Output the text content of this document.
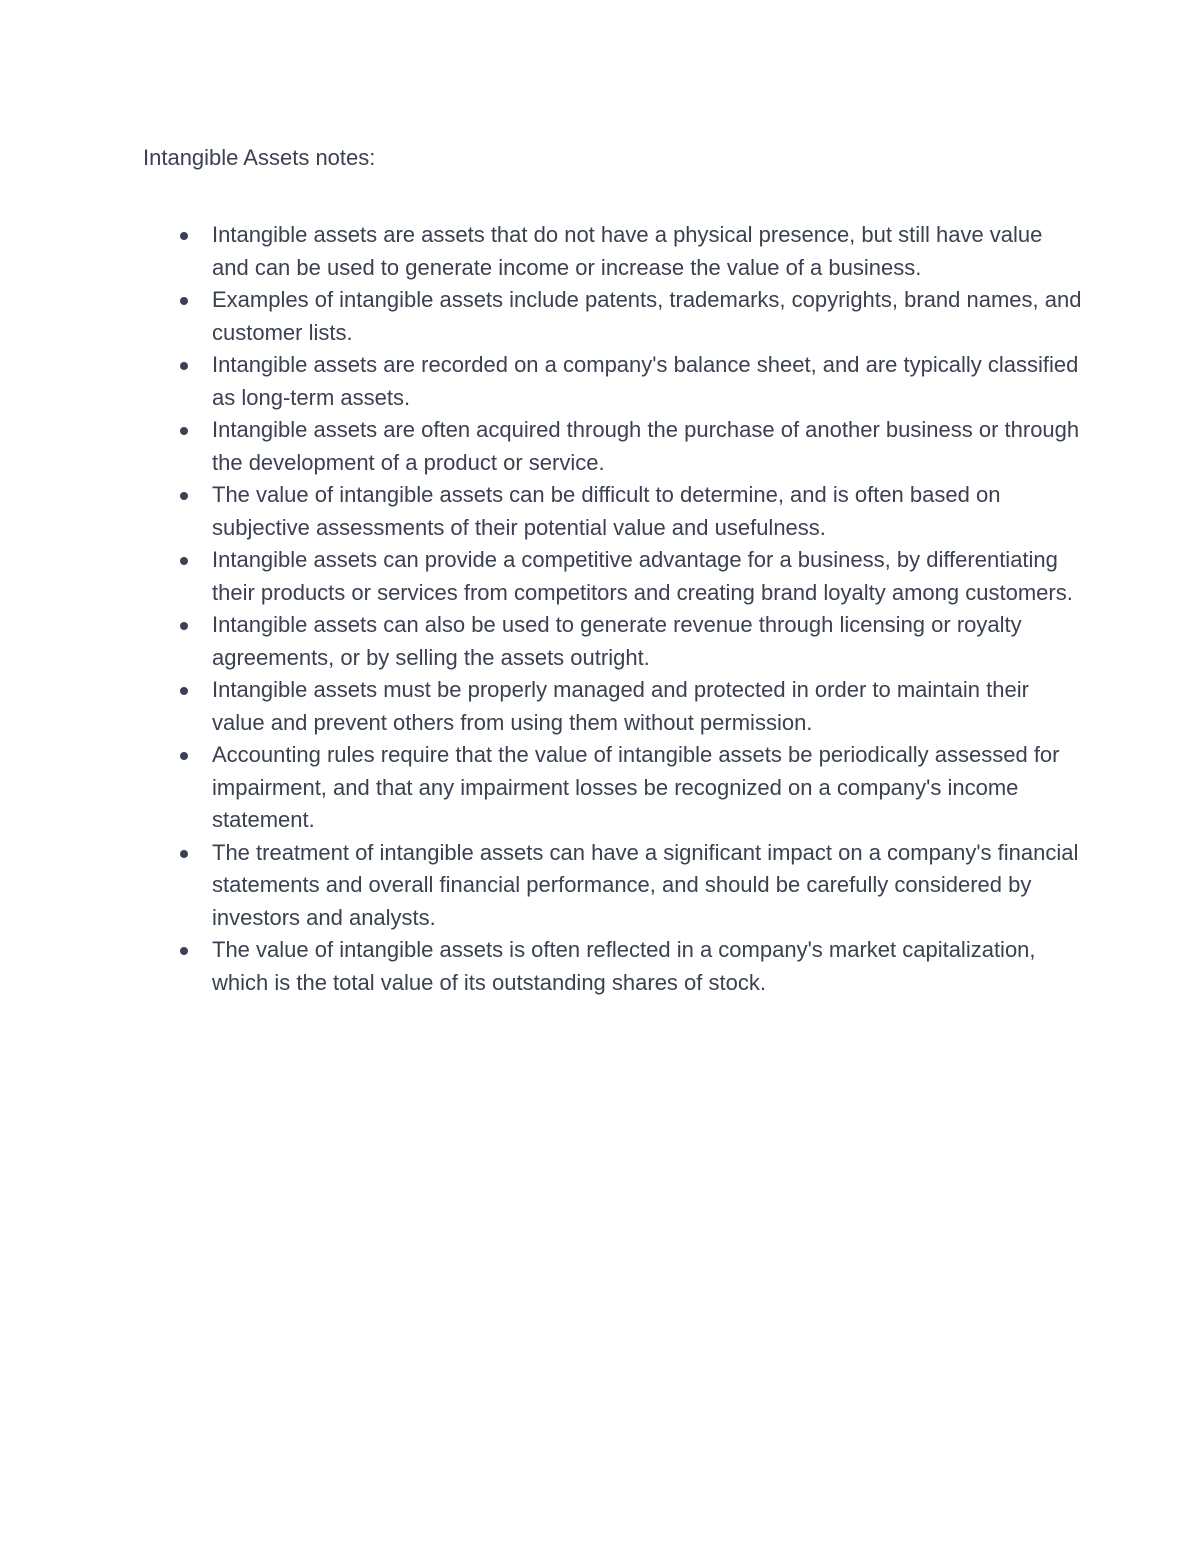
Intangible Assets notes:
Intangible assets are assets that do not have a physical presence, but still have value and can be used to generate income or increase the value of a business.
Examples of intangible assets include patents, trademarks, copyrights, brand names, and customer lists.
Intangible assets are recorded on a company's balance sheet, and are typically classified as long-term assets.
Intangible assets are often acquired through the purchase of another business or through the development of a product or service.
The value of intangible assets can be difficult to determine, and is often based on subjective assessments of their potential value and usefulness.
Intangible assets can provide a competitive advantage for a business, by differentiating their products or services from competitors and creating brand loyalty among customers.
Intangible assets can also be used to generate revenue through licensing or royalty agreements, or by selling the assets outright.
Intangible assets must be properly managed and protected in order to maintain their value and prevent others from using them without permission.
Accounting rules require that the value of intangible assets be periodically assessed for impairment, and that any impairment losses be recognized on a company's income statement.
The treatment of intangible assets can have a significant impact on a company's financial statements and overall financial performance, and should be carefully considered by investors and analysts.
The value of intangible assets is often reflected in a company's market capitalization, which is the total value of its outstanding shares of stock.
